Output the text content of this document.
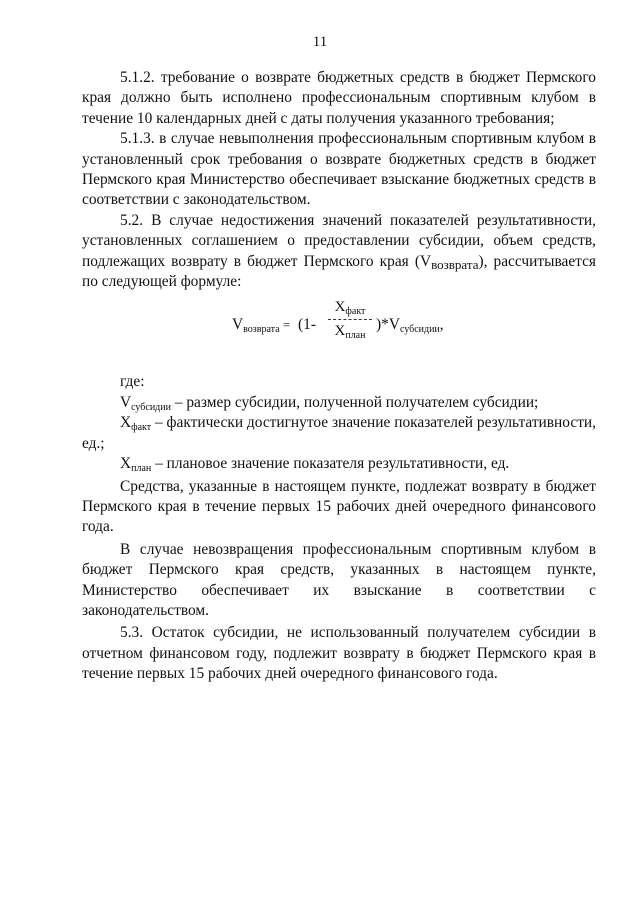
11

5.1.2. требование о возврате бюджетных средств в бюджет Пермского края должно быть исполнено профессиональным спортивным клубом в течение 10 календарных дней с даты получения указанного требования;

5.1.3. в случае невыполнения профессиональным спортивным клубом в установленный срок требования о возврате бюджетных средств в бюджет Пермского края Министерство обеспечивает взыскание бюджетных средств в соответствии с законодательством.

5.2. В случае недостижения значений показателей результативности, установленных соглашением о предоставлении субсидии, объем средств, подлежащих возврату в бюджет Пермского края $(V_{возврата})$, рассчитывается по следующей формуле:

$V_{возврата} = (1-$
$X_{факт}$
$X_{план}$
)$*V_{субсидии}$,

где:

$V_{субсидии}$ – размер субсидии, полученной получателем субсидии;

$X_{факт}$ – фактически достигнутое значение показателей результативности, ед.;

$X_{план}$ – плановое значение показателя результативности, ед.

Средства, указанные в настоящем пункте, подлежат возврату в бюджет Пермского края в течение первых 15 рабочих дней очередного финансового года.

В случае невозвращения профессиональным спортивным клубом в бюджет Пермского края средств, указанных в настоящем пункте, Министерство обеспечивает их взыскание в соответствии с законодательством.

5.3. Остаток субсидии, не использованный получателем субсидии в отчетном финансовом году, подлежит возврату в бюджет Пермского края в течение первых 15 рабочих дней очередного финансового года.
